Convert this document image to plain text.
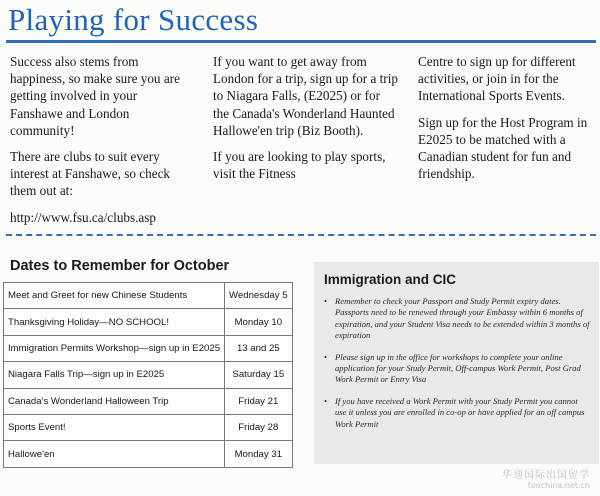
Playing for Success

Success also stems from happiness, so make sure you are getting involved in your Fanshawe and London community!

There are clubs to suit every interest at Fanshawe, so check them out at:

http://www.fsu.ca/clubs.asp

If you want to get away from London for a trip, sign up for a trip to Niagara Falls, (E2025) or for the Canada's Wonderland Haunted Hallowe'en trip (Biz Booth).

If you are looking to play sports, visit the Fitness

Centre to sign up for different activities, or join in for the International Sports Events.

Sign up for the Host Program in E2025 to be matched with a Canadian student for fun and friendship.

Dates to Remember for October
Meet and Greet for new Chinese Students	Wednesday 5
Thanksgiving Holiday—NO SCHOOL!	Monday 10
Immigration Permits Workshop—sign up in E2025	13 and 25
Niagara Falls Trip—sign up in E2025	Saturday 15
Canada's Wonderland Halloween Trip	Friday 21
Sports Event!	Friday 28
Hallowe'en	Monday 31
Immigration and CIC
• Remember to check your Passport and Study Permit expiry dates. Passports need to be renewed through your Embassy within 6 months of expiration, and your Student Visa needs to be extended within 3 months of expiration
• Please sign up in the office for workshops to complete your online application for your Study Permit, Off-campus Work Permit, Post Grad Work Permit or Entry Visa
• If you have received a Work Permit with your Study Permit you cannot use it unless you are enrolled in co-op or have applied for an off campus Work Permit
华通国际出国留学
toochina.net.cn
